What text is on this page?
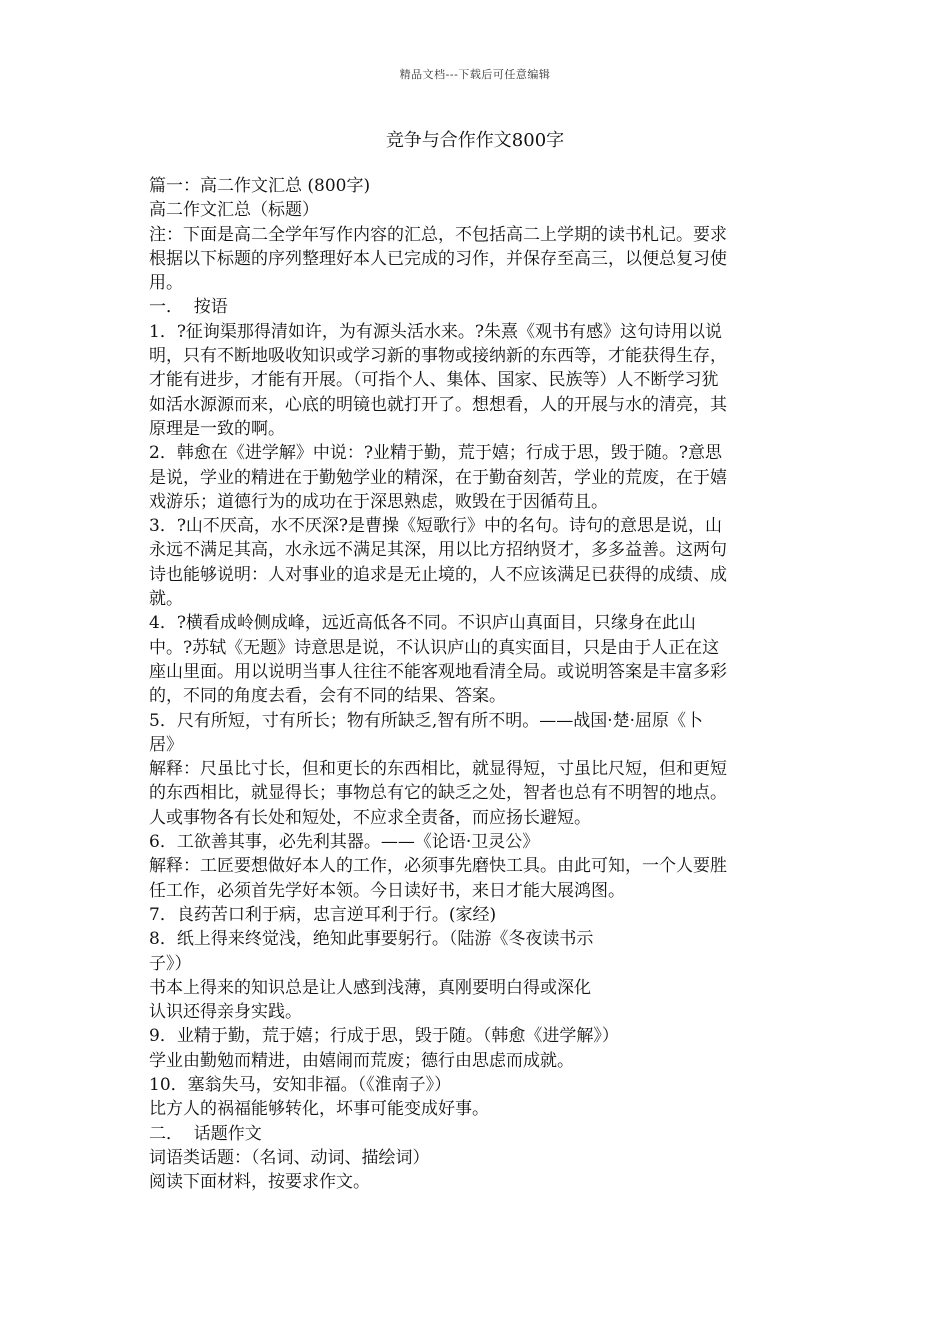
精品文档---下载后可任意编辑
竞争与合作作文800字
篇一：高二作文汇总 (800字)
高二作文汇总（标题）
注：下面是高二全学年写作内容的汇总，不包括高二上学期的读书札记。要求
根据以下标题的序列整理好本人已完成的习作，并保存至高三，以便总复习使
用。
一．  按语
1．?征询渠那得清如许，为有源头活水来。?朱熹《观书有感》这句诗用以说
明，只有不断地吸收知识或学习新的事物或接纳新的东西等，才能获得生存，
才能有进步，才能有开展。（可指个人、集体、国家、民族等）人不断学习犹
如活水源源而来，心底的明镜也就打开了。想想看，人的开展与水的清亮，其
原理是一致的啊。
2．韩愈在《进学解》中说：?业精于勤，荒于嬉；行成于思，毁于随。?意思
是说，学业的精进在于勤勉学业的精深，在于勤奋刻苦，学业的荒废，在于嬉
戏游乐；道德行为的成功在于深思熟虑，败毁在于因循苟且。
3．?山不厌高，水不厌深?是曹操《短歌行》中的名句。诗句的意思是说，山
永远不满足其高，水永远不满足其深，用以比方招纳贤才，多多益善。这两句
诗也能够说明：人对事业的追求是无止境的，人不应该满足已获得的成绩、成
就。
4．?横看成岭侧成峰，远近高低各不同。不识庐山真面目，只缘身在此山
中。?苏轼《无题》诗意思是说，不认识庐山的真实面目，只是由于人正在这
座山里面。用以说明当事人往往不能客观地看清全局。或说明答案是丰富多彩
的，不同的角度去看，会有不同的结果、答案。
5．尺有所短，寸有所长；物有所缺乏,智有所不明。——战国·楚·屈原《卜
居》
解释：尺虽比寸长，但和更长的东西相比，就显得短，寸虽比尺短，但和更短
的东西相比，就显得长；事物总有它的缺乏之处，智者也总有不明智的地点。
人或事物各有长处和短处，不应求全责备，而应扬长避短。
6．工欲善其事，必先利其器。——《论语·卫灵公》
解释：工匠要想做好本人的工作，必须事先磨快工具。由此可知，一个人要胜
任工作，必须首先学好本领。今日读好书，来日才能大展鸿图。
7．良药苦口利于病，忠言逆耳利于行。(家经)
8．纸上得来终觉浅，绝知此事要躬行。（陆游《冬夜读书示
子》）
书本上得来的知识总是让人感到浅薄，真刚要明白得或深化
认识还得亲身实践。
9．业精于勤，荒于嬉；行成于思，毁于随。（韩愈《进学解》）
学业由勤勉而精进，由嬉闹而荒废；德行由思虑而成就。
10．塞翁失马，安知非福。（《淮南子》）
比方人的祸福能够转化，坏事可能变成好事。
二．  话题作文
词语类话题：（名词、动词、描绘词）
阅读下面材料，按要求作文。
